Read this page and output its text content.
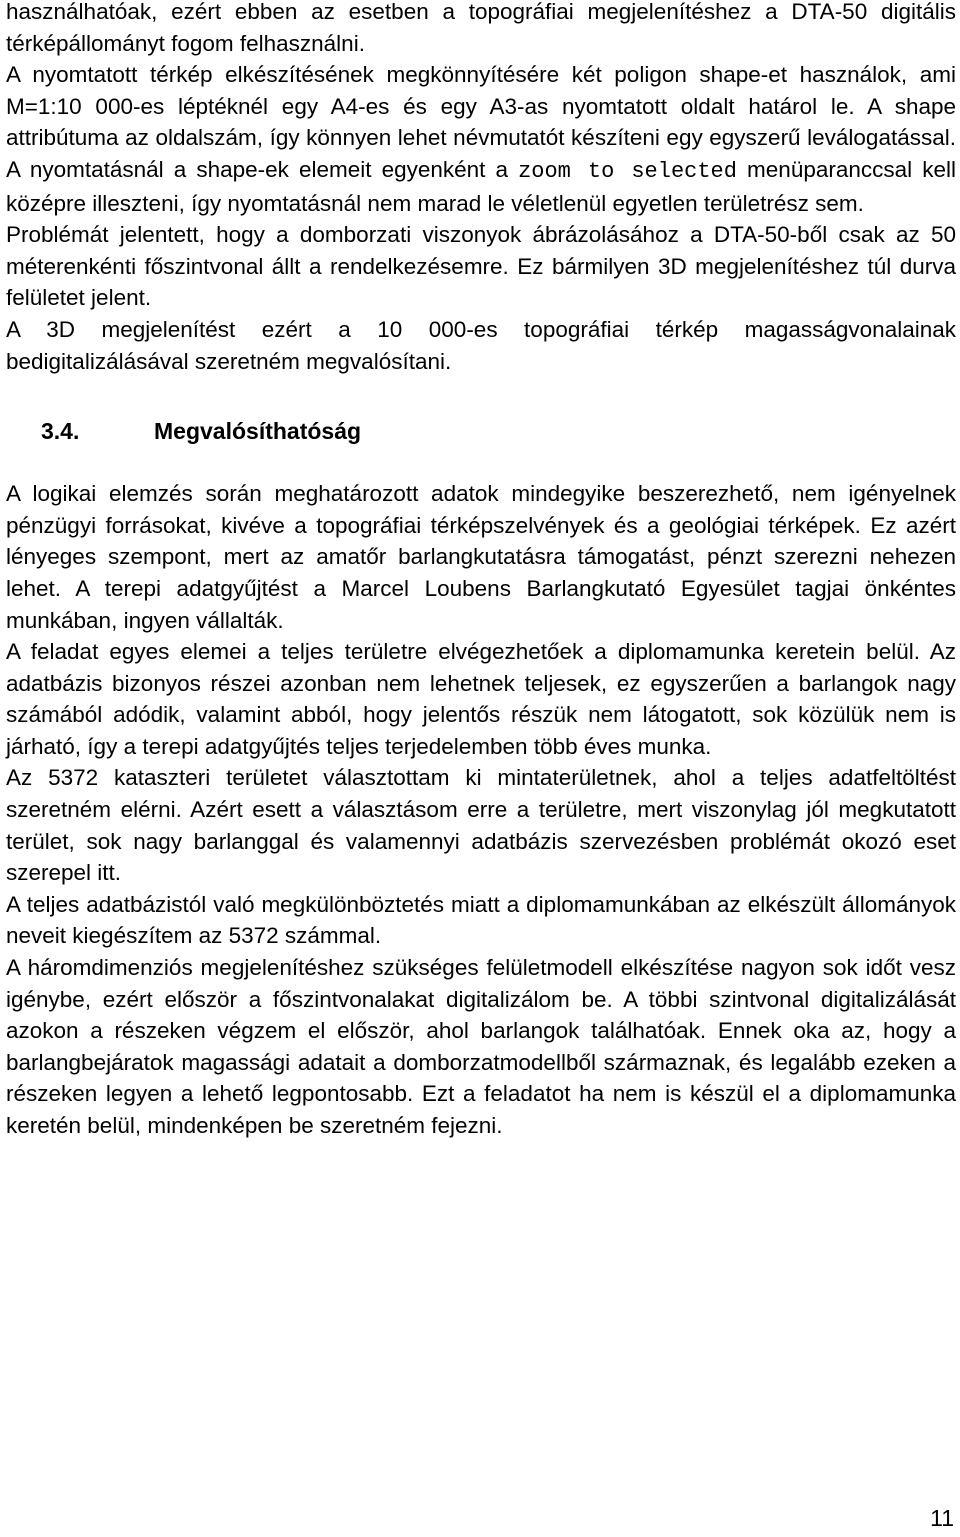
használhatóak, ezért ebben az esetben a topográfiai megjelenítéshez a DTA-50 digitális térképállományt fogom felhasználni.

A nyomtatott térkép elkészítésének megkönnyítésére két poligon shape-et használok, ami M=1:10 000-es léptéknél egy A4-es és egy A3-as nyomtatott oldalt határol le. A shape attribútuma az oldalszám, így könnyen lehet névmutatót készíteni egy egyszerű leválogatással. A nyomtatásnál a shape-ek elemeit egyenként a zoom to selected menüparanccsal kell középre illeszteni, így nyomtatásnál nem marad le véletlenül egyetlen területrész sem.

Problémát jelentett, hogy a domborzati viszonyok ábrázolásához a DTA-50-ből csak az 50 méterenkénti főszintvonal állt a rendelkezésemre. Ez bármilyen 3D megjelenítéshez túl durva felületet jelent.

A 3D megjelenítést ezért a 10 000-es topográfiai térkép magasságvonalainak bedigitalizálásával szeretném megvalósítani.

3.4.	Megvalósíthatóság

A logikai elemzés során meghatározott adatok mindegyike beszerezhető, nem igényelnek pénzügyi forrásokat, kivéve a topográfiai térképszelvények és a geológiai térképek. Ez azért lényeges szempont, mert az amatőr barlangkutatásra támogatást, pénzt szerezni nehezen lehet. A terepi adatgyűjtést a Marcel Loubens Barlangkutató Egyesület tagjai önkéntes munkában, ingyen vállalták.

A feladat egyes elemei a teljes területre elvégezhetőek a diplomamunka keretein belül. Az adatbázis bizonyos részei azonban nem lehetnek teljesek, ez egyszerűen a barlangok nagy számából adódik, valamint abból, hogy jelentős részük nem látogatott, sok közülük nem is járható, így a terepi adatgyűjtés teljes terjedelemben több éves munka.

Az 5372 kataszteri területet választottam ki mintaterületnek, ahol a teljes adatfeltöltést szeretném elérni. Azért esett a választásom erre a területre, mert viszonylag jól megkutatott terület, sok nagy barlanggal és valamennyi adatbázis szervezésben problémát okozó eset szerepel itt.

A teljes adatbázistól való megkülönböztetés miatt a diplomamunkában az elkészült állományok neveit kiegészítem az 5372 számmal.

A háromdimenziós megjelenítéshez szükséges felületmodell elkészítése nagyon sok időt vesz igénybe, ezért először a főszintvonalakat digitalizálom be. A többi szintvonal digitalizálását azokon a részeken végzem el először, ahol barlangok találhatóak. Ennek oka az, hogy a barlangbejáratok magassági adatait a domborzatmodellből származnak, és legalább ezeken a részeken legyen a lehető legpontosabb. Ezt a feladatot ha nem is készül el a diplomamunka keretén belül, mindenképen be szeretném fejezni.

11
